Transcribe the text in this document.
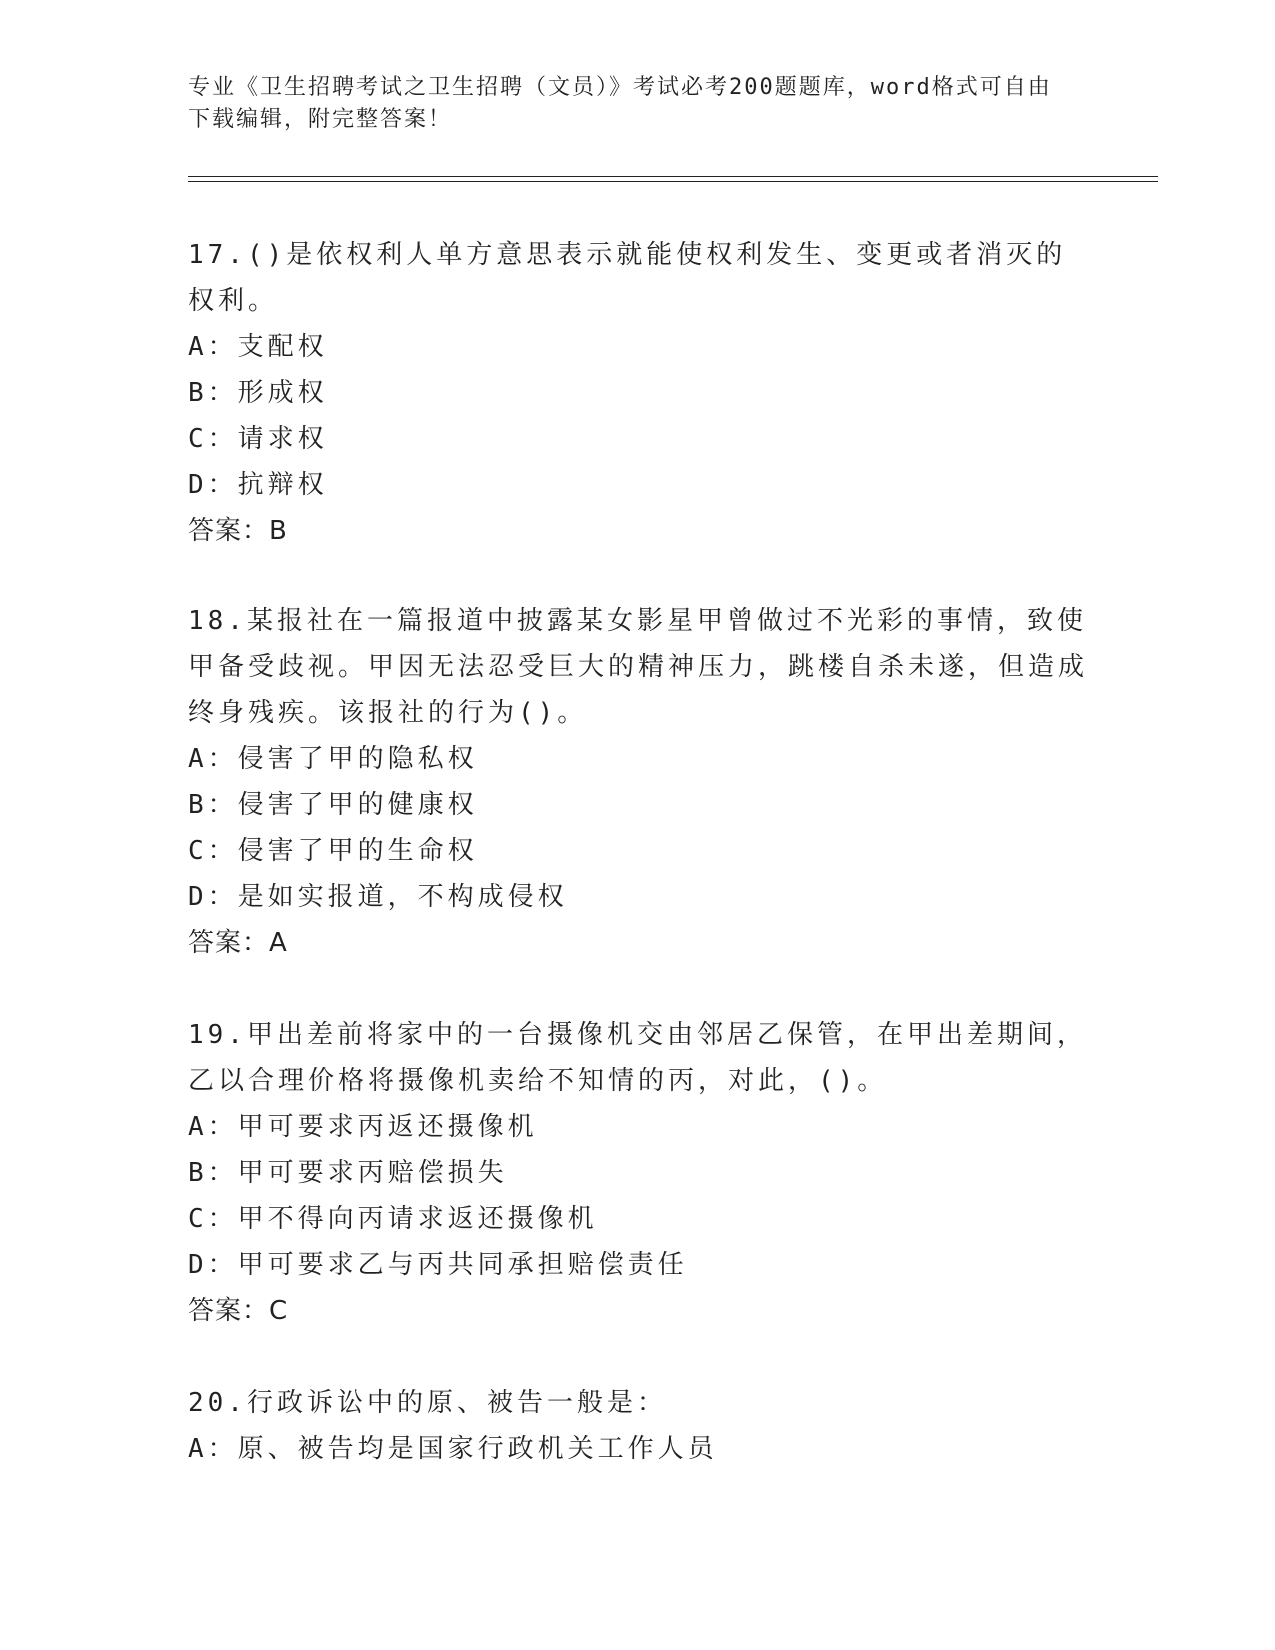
专业《卫生招聘考试之卫生招聘（文员）》考试必考200题题库，word格式可自由下载编辑，附完整答案！

17.()是依权利人单方意思表示就能使权利发生、变更或者消灭的权利。

A：支配权

B：形成权

C：请求权

D：抗辩权

答案：B

18.某报社在一篇报道中披露某女影星甲曾做过不光彩的事情，致使甲备受歧视。甲因无法忍受巨大的精神压力，跳楼自杀未遂，但造成终身残疾。该报社的行为()。

A：侵害了甲的隐私权

B：侵害了甲的健康权

C：侵害了甲的生命权

D：是如实报道，不构成侵权

答案：A

19.甲出差前将家中的一台摄像机交由邻居乙保管，在甲出差期间，乙以合理价格将摄像机卖给不知情的丙，对此，()。

A：甲可要求丙返还摄像机

B：甲可要求丙赔偿损失

C：甲不得向丙请求返还摄像机

D：甲可要求乙与丙共同承担赔偿责任

答案：C

20.行政诉讼中的原、被告一般是：

A：原、被告均是国家行政机关工作人员
